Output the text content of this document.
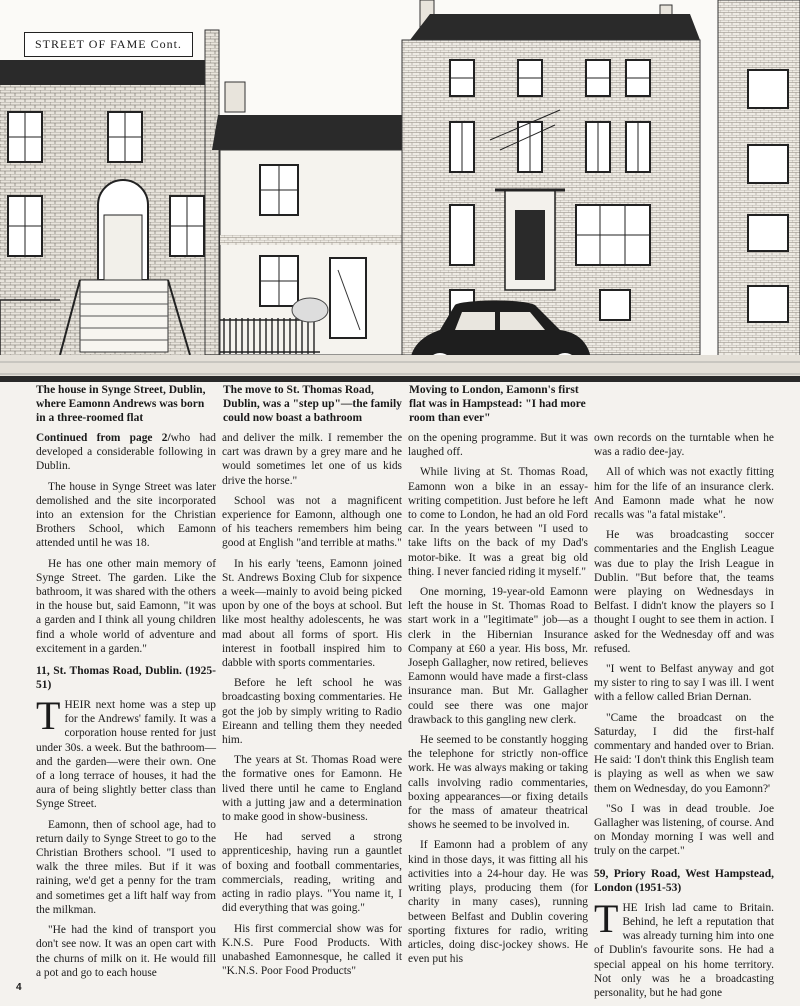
STREET OF FAME Cont.
The house in Synge Street, Dublin, where Eamonn Andrews was born in a three-roomed flat
The move to St. Thomas Road, Dublin, was a "step up"—the family could now boast a bathroom
Moving to London, Eamonn's first flat was in Hampstead: "I had more room than ever"

Continued from page 2/who had developed a considerable following in Dublin.

The house in Synge Street was later demolished and the site incorporated into an extension for the Christian Brothers School, which Eamonn attended until he was 18.

He has one other main memory of Synge Street. The garden. Like the bathroom, it was shared with the others in the house but, said Eamonn, "it was a garden and I think all young children find a whole world of adventure and excitement in a garden."

11, St. Thomas Road, Dublin. (1925-51)

THEIR next home was a step up for the Andrews' family. It was a corporation house rented for just under 30s. a week. But the bathroom—and the garden—were their own. One of a long terrace of houses, it had the aura of being slightly better class than Synge Street.

Eamonn, then of school age, had to return daily to Synge Street to go to the Christian Brothers school. "I used to walk the three miles. But if it was raining, we'd get a penny for the tram and sometimes get a lift half way from the milkman.

"He had the kind of transport you don't see now. It was an open cart with the churns of milk on it. He would fill a pot and go to each house

and deliver the milk. I remember the cart was drawn by a grey mare and he would sometimes let one of us kids drive the horse."

School was not a magnificent experience for Eamonn, although one of his teachers remembers him being good at English "and terrible at maths."

In his early 'teens, Eamonn joined St. Andrews Boxing Club for sixpence a week—mainly to avoid being picked upon by one of the boys at school. But like most healthy adolescents, he was mad about all forms of sport. His interest in football inspired him to dabble with sports commentaries.

Before he left school he was broadcasting boxing commentaries. He got the job by simply writing to Radio Eireann and telling them they needed him.

The years at St. Thomas Road were the formative ones for Eamonn. He lived there until he came to England with a jutting jaw and a determination to make good in show-business.

He had served a strong apprenticeship, having run a gauntlet of boxing and football commentaries, commercials, reading, writing and acting in radio plays. "You name it, I did everything that was going."

His first commercial show was for K.N.S. Pure Food Products. With unabashed Eamonnesque, he called it "K.N.S. Poor Food Products"

on the opening programme. But it was laughed off.

While living at St. Thomas Road, Eamonn won a bike in an essay-writing competition. Just before he left to come to London, he had an old Ford car. In the years between "I used to take lifts on the back of my Dad's motor-bike. It was a great big old thing. I never fancied riding it myself."

One morning, 19-year-old Eamonn left the house in St. Thomas Road to start work in a "legitimate" job—as a clerk in the Hibernian Insurance Company at £60 a year. His boss, Mr. Joseph Gallagher, now retired, believes Eamonn would have made a first-class insurance man. But Mr. Gallagher could see there was one major drawback to this gangling new clerk.

He seemed to be constantly hogging the telephone for strictly non-office work. He was always making or taking calls involving radio commentaries, boxing appearances—or fixing details for the mass of amateur theatrical shows he seemed to be involved in.

If Eamonn had a problem of any kind in those days, it was fitting all his activities into a 24-hour day. He was writing plays, producing them (for charity in many cases), running between Belfast and Dublin covering sporting fixtures for radio, writing articles, doing disc-jockey shows. He even put his

own records on the turntable when he was a radio dee-jay.

All of which was not exactly fitting him for the life of an insurance clerk. And Eamonn made what he now recalls was "a fatal mistake".

He was broadcasting soccer commentaries and the English League was due to play the Irish League in Dublin. "But before that, the teams were playing on Wednesdays in Belfast. I didn't know the players so I thought I ought to see them in action. I asked for the Wednesday off and was refused.

"I went to Belfast anyway and got my sister to ring to say I was ill. I went with a fellow called Brian Dernan.

"Came the broadcast on the Saturday, I did the first-half commentary and handed over to Brian. He said: 'I don't think this English team is playing as well as when we saw them on Wednesday, do you Eamonn?'

"So I was in dead trouble. Joe Gallagher was listening, of course. And on Monday morning I was well and truly on the carpet."

59, Priory Road, West Hampstead, London (1951-53)

THE Irish lad came to Britain. Behind, he left a reputation that was already turning him into one of Dublin's favourite sons. He had a special appeal on his home territory. Not only was he a broadcasting personality, but he had gone

4
